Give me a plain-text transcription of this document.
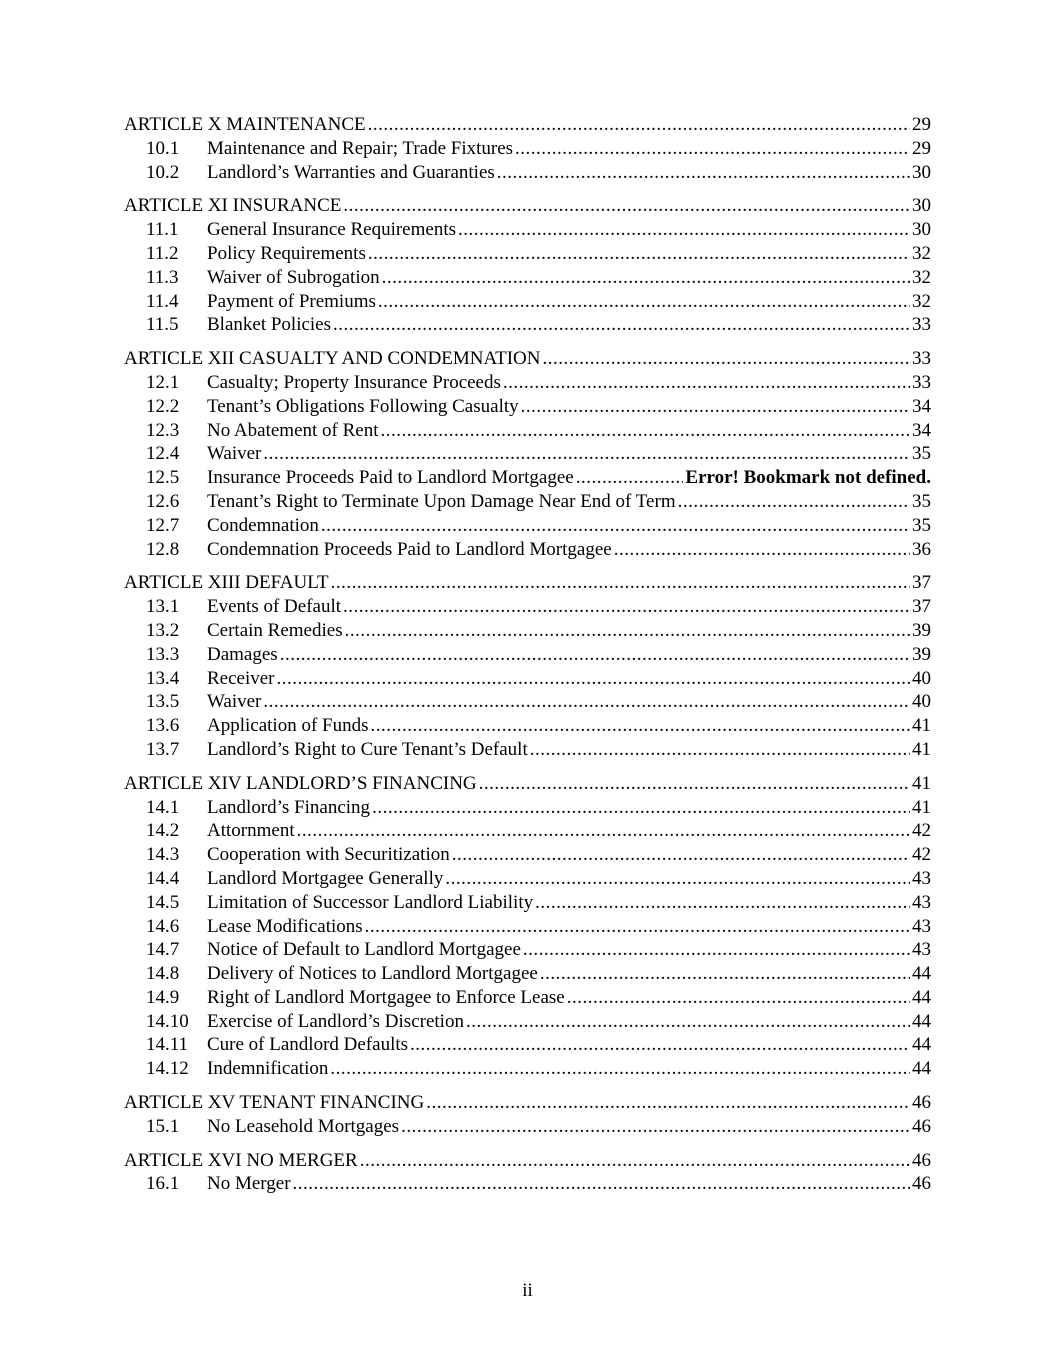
ARTICLE X MAINTENANCE .....	29
10.1	Maintenance and Repair; Trade Fixtures .....	29
10.2	Landlord’s Warranties and Guaranties .....	30
ARTICLE XI INSURANCE .....	30
11.1	General Insurance Requirements .....	30
11.2	Policy Requirements .....	32
11.3	Waiver of Subrogation .....	32
11.4	Payment of Premiums .....	32
11.5	Blanket Policies .....	33
ARTICLE XII CASUALTY AND CONDEMNATION .....	33
12.1	Casualty; Property Insurance Proceeds .....	33
12.2	Tenant’s Obligations Following Casualty .....	34
12.3	No Abatement of Rent .....	34
12.4	Waiver .....	35
12.5	Insurance Proceeds Paid to Landlord Mortgagee .....	Error! Bookmark not defined.
12.6	Tenant’s Right to Terminate Upon Damage Near End of Term .....	35
12.7	Condemnation .....	35
12.8	Condemnation Proceeds Paid to Landlord Mortgagee .....	36
ARTICLE XIII DEFAULT .....	37
13.1	Events of Default .....	37
13.2	Certain Remedies .....	39
13.3	Damages .....	39
13.4	Receiver .....	40
13.5	Waiver .....	40
13.6	Application of Funds .....	41
13.7	Landlord’s Right to Cure Tenant’s Default .....	41
ARTICLE XIV LANDLORD’S FINANCING .....	41
14.1	Landlord’s Financing .....	41
14.2	Attornment .....	42
14.3	Cooperation with Securitization .....	42
14.4	Landlord Mortgagee Generally .....	43
14.5	Limitation of Successor Landlord Liability .....	43
14.6	Lease Modifications .....	43
14.7	Notice of Default to Landlord Mortgagee .....	43
14.8	Delivery of Notices to Landlord Mortgagee .....	44
14.9	Right of Landlord Mortgagee to Enforce Lease .....	44
14.10 Exercise of Landlord’s Discretion .....	44
14.11 Cure of Landlord Defaults .....	44
14.12 Indemnification .....	44
ARTICLE XV TENANT FINANCING .....	46
15.1	No Leasehold Mortgages .....	46
ARTICLE XVI NO MERGER .....	46
16.1	No Merger .....	46
ii
